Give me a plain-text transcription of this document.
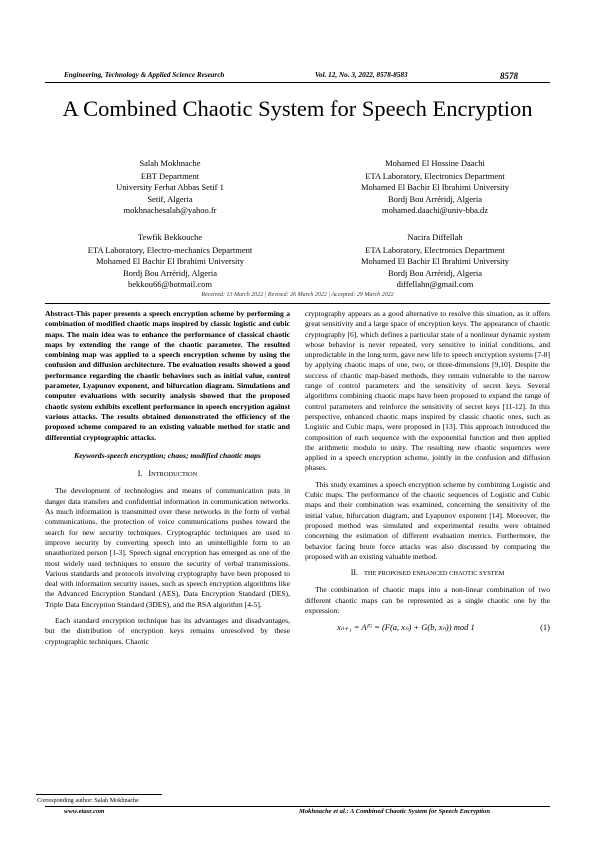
Engineering, Technology & Applied Science Research	Vol. 12, No. 3, 2022, 8578-8583	8578
A Combined Chaotic System for Speech Encryption
Salah Mokhnache
EBT Department
University Ferhat Abbas Setif 1
Setif, Algeria
mokhnachesalah@yahoo.fr
Mohamed El Hossine Daachi
ETA Laboratory, Electronics Department
Mohamed El Bachir El Ibrahimi University
Bordj Bou Arréridj, Algeria
mohamed.daachi@univ-bba.dz
Tewfik Bekkouche
ETA Laboratory, Electro-mechanics Department
Mohamed El Bachir El Ibrahimi University
Bordj Bou Arréridj, Algeria
bekkou66@hotmail.com
Nacira Diffellah
ETA Laboratory, Electronics Department
Mohamed El Bachir El Ibrahimi University
Bordj Bou Arréridj, Algeria
diffellahn@gmail.com
Received: 13 March 2022 | Revised: 26 March 2022 | Accepted: 29 March 2022

Abstract-This paper presents a speech encryption scheme by performing a combination of modified chaotic maps inspired by classic logistic and cubic maps. The main idea was to enhance the performance of classical chaotic maps by extending the range of the chaotic parameter. The resulted combining map was applied to a speech encryption scheme by using the confusion and diffusion architecture. The evaluation results showed a good performance regarding the chaotic behaviors such as initial value, control parameter, Lyapunov exponent, and bifurcation diagram. Simulations and computer evaluations with security analysis showed that the proposed chaotic system exhibits excellent performance in speech encryption against various attacks. The results obtained demonstrated the efficiency of the proposed scheme compared to an existing valuable method for static and differential cryptographic attacks.

Keywords-speech encryption; chaos; modified chaotic maps

I. INTRODUCTION

The development of technologies and means of communication puts in danger data transfers and confidential information in communication networks. As much information is transmitted over these networks in the form of verbal communications, the protection of voice communications pushes toward the search for new security techniques. Cryptographic techniques are used to improve security by converting speech into an unintelligible form to an unauthorized person [1-3]. Speech signal encryption has emerged as one of the most widely used techniques to ensure the security of verbal transmissions. Various standards and protocols involving cryptography have been proposed to deal with information security issues, such as speech encryption algorithms like the Advanced Encryption Standard (AES), Data Encryption Standard (DES), Triple Data Encryption Standard (3DES), and the RSA algorithm [4-5].

Each standard encryption technique has its advantages and disadvantages, but the distribution of encryption keys remains unresolved by these cryptographic techniques. Chaotic

Corresponding author: Salah Mokhnache

cryptography appears as a good alternative to resolve this situation, as it offers great sensitivity and a large space of encryption keys. The appearance of chaotic cryptography [6], which defines a particular state of a nonlinear dynamic system whose behavior is never repeated, very sensitive to initial conditions, and unpredictable in the long term, gave new life to speech encryption systems [7-8] by applying chaotic maps of one, two, or three-dimensions [9,10]. Despite the success of chaotic map-based methods, they remain vulnerable to the narrow range of control parameters and the sensitivity of secret keys. Several algorithms combining chaotic maps have been proposed to expand the range of control parameters and reinforce the sensitivity of secret keys [11-12]. In this perspective, enhanced chaotic maps inspired by classic chaotic ones, such as Logistic and Cubic maps, were proposed in [13]. This approach introduced the composition of each sequence with the exponential function and then applied the arithmetic modulo to unity. The resulting new chaotic sequences were applied in a speech encryption scheme, jointly in the confusion and diffusion phases.

This study examines a speech encryption scheme by combining Logistic and Cubic maps. The performance of the chaotic sequences of Logistic and Cubic maps and their combination was examined, concerning the sensitivity of the initial value, bifurcation diagram, and Lyapunov exponent [14]. Moreover, the proposed method was simulated and experimental results were obtained concerning the estimation of different evaluation metrics. Furthermore, the behavior facing brute force attacks was also discussed by comparing the proposed with an existing valuable method.

II. THE PROPOSED ENHANCED CHAOTIC SYSTEM

The combination of chaotic maps into a non-linear combination of two different chaotic maps can be represented as a single chaotic one by the expression:

xₙ₊₁ = Aᶠᴳ = (F(a, xₙ) + G(b, xₙ)) mod 1	(1)
www.etasr.com	Mokhnache et al.: A Combined Chaotic System for Speech Encryption
